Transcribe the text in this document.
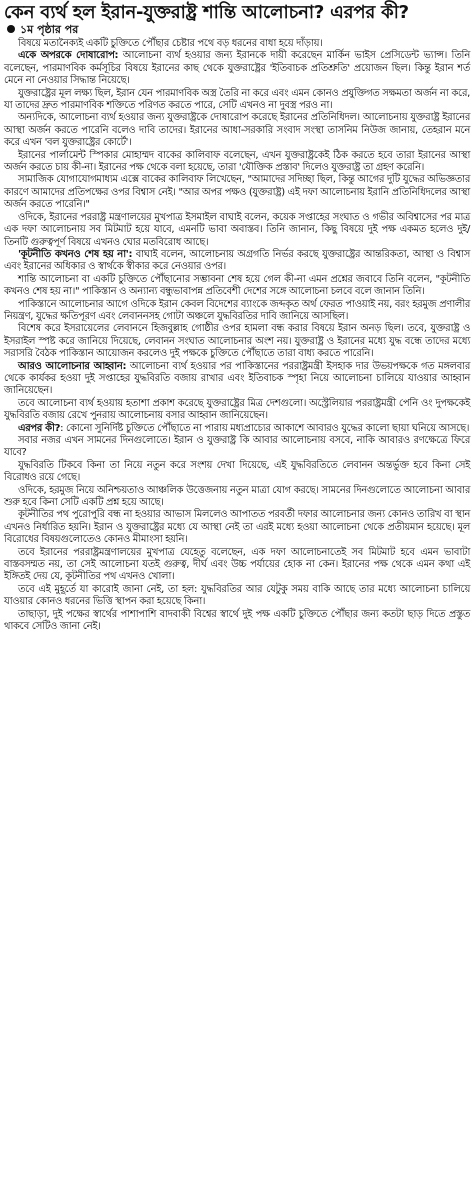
কেন ব্যর্থ হল ইরান-যুক্তরাষ্ট্র শান্তি আলোচনা? এরপর কী?
১ম পৃষ্ঠার পর

বিষয়ে মতানৈক্যই একটি চুক্তিতে পৌঁছার চেষ্টার পথে বড় ধরনের বাধা হয়ে দাঁড়ায়।

একে অপরকে দোষারোপ: আলোচনা ব্যর্থ হওয়ার জন্য ইরানকে দায়ী করেছেন মার্কিন ভাইস প্রেসিডেন্ট ভ্যান্স। তিনি বলেছেন, পারমাণবিক কর্মসূচির বিষয়ে ইরানের কাছ থেকে যুক্তরাষ্ট্রের 'ইতিবাচক প্রতিশ্রুতি' প্রয়োজন ছিল। কিন্তু ইরান শর্ত মেনে না নেওয়ার সিদ্ধান্ত নিয়েছে।

যুক্তরাষ্ট্রের মূল লক্ষ্য ছিল, ইরান যেন পারমাণবিক অস্ত্র তৈরি না করে এবং এমন কোনও প্রযুক্তিগত সক্ষমতা অর্জন না করে, যা তাদের দ্রুত পারমাণবিক শক্তিতে পরিণত করতে পারে, সেটি এখনও না দুবস্ত্র পরও না।

অন্যদিকে, আলোচনা ব্যর্থ হওয়ার জন্য যুক্তরাষ্ট্রকে দোষারোপ করেছে ইরানের প্রতিনিধিদল। আলোচনায় যুক্তরাষ্ট্র ইরানের আস্থা অর্জন করতে পারেনি বলেও দাবি তাদের। ইরানের আধা-সরকারি সংবাদ সংস্থা তাসনিম নিউজ জানায়, তেহরান মনে করে এখন 'বল যুক্তরাষ্ট্রের কোর্টে'।

ইরানের পার্লামেন্ট স্পিকার মোহাম্মদ বাকের কালিবাফ বলেছেন, এখন যুক্তরাষ্ট্রকেই ঠিক করতে হবে তারা ইরানের আস্থা অর্জন করতে চায় কী-না। ইরানের পক্ষ থেকে বলা হয়েছে, তারা 'যৌক্তিক প্রস্তাব' দিলেও যুক্তরাষ্ট্র তা গ্রহণ করেনি।

সামাজিক যোগাযোগমাধ্যম এক্সে বাকের কালিবাফ লিখেছেন, "আমাদের সদিচ্ছা ছিল, কিন্তু আগের দুটি যুদ্ধের অভিজ্ঞতার কারণে আমাদের প্রতিপক্ষের ওপর বিশ্বাস নেই। "আর অপর পক্ষও (যুক্তরাষ্ট্র) এই দফা আলোচনায় ইরানি প্রতিনিধিদলের আস্থা অর্জন করতে পারেনি।"

ওদিকে, ইরানের পররাষ্ট্র মন্ত্রণালয়ের মুখপাত্র ইসমাইল বাঘাই বলেন, কয়েক সপ্তাহের সংঘাত ও গভীর অবিশ্বাসের পর মাত্র এক দফা আলোচনায় সব মিটমাট হয়ে যাবে, এমনটি ভাবা অবাস্তব। তিনি জানান, কিছু বিষয়ে দুই পক্ষ একমত হলেও দুই/তিনটি গুরুত্বপূর্ণ বিষয়ে এখনও ঘোর মতবিরোধ আছে।

'কূটনীতি কখনও শেষ হয় না': বাঘাই বলেন, আলোচনায় অগ্রগতি নির্ভর করছে যুক্তরাষ্ট্রের আন্তরিকতা, আস্থা ও বিশ্বাস এবং ইরানের অধিকার ও স্বার্থকে স্বীকার করে নেওয়ার ওপর।

শান্তি আলোচনা বা একটি চুক্তিতে পৌঁছানোর সম্ভাবনা শেষ হয়ে গেল কী-না এমন প্রশ্নের জবাবে তিনি বলেন, "কূটনীতি কখনও শেষ হয় না।" পাকিস্তান ও অন্যান্য বন্ধুভাবাপন্ন প্রতিবেশী দেশের সঙ্গে আলোচনা চলবে বলে জানান তিনি।

পাকিস্তানে আলোচনার আগে ওদিকে ইরান কেবল বিদেশের ব্যাংকে জব্দকৃত অর্থ ফেরত পাওয়াই নয়, বরং হরমুজ প্রণালীর নিয়ন্ত্রণ, যুদ্ধের ক্ষতিপূরণ এবং লেবাননসহ গোটা অঞ্চলে যুদ্ধবিরতির দাবি জানিয়ে আসছিল।

বিশেষ করে ইসরায়েলের লেবাননে হিজবুল্লাহ গোষ্ঠীর ওপর হামলা বন্ধ করার বিষয়ে ইরান অনড় ছিল। তবে, যুক্তরাষ্ট্র ও ইসরাইল স্পষ্ট করে জানিয়ে দিয়েছে, লেবানন সংঘাত আলোচনার অংশ নয়। যুক্তরাষ্ট্র ও ইরানের মধ্যে যুদ্ধ বন্ধে তাদের মধ্যে সরাসরি বৈঠক পাকিস্তান আয়োজন করলেও দুই পক্ষকে চুক্তিতে পৌঁছাতে তারা বাধ্য করতে পারেনি।

আরও আলোচনার আহ্বান: আলোচনা ব্যর্থ হওয়ার পর পাকিস্তানের পররাষ্ট্রমন্ত্রী ইসহাক দার উভয়পক্ষকে গত মঙ্গলবার থেকে কার্যকর হওয়া দুই সপ্তাহের যুদ্ধবিরতি বজায় রাখার এবং ইতিবাচক স্পৃহা নিয়ে আলোচনা চালিয়ে যাওয়ার আহ্বান জানিয়েছেন।

তবে আলোচনা ব্যর্থ হওয়ায় হতাশা প্রকাশ করেছে যুক্তরাষ্ট্রের মিত্র দেশগুলো। অস্ট্রেলিয়ার পররাষ্ট্রমন্ত্রী পেনি ওং দুপক্ষকেই যুদ্ধবিরতি বজায় রেখে পুনরায় আলোচনায় বসার আহ্বান জানিয়েছেন।

এরপর কী?: কোনো সুনির্দিষ্ট চুক্তিতে পৌঁছাতে না পারায় মধ্যপ্রাচ্যের আকাশে আবারও যুদ্ধের কালো ছায়া ঘনিয়ে আসছে।

সবার নজর এখন সামনের দিনগুলোতে। ইরান ও যুক্তরাষ্ট্র কি আবার আলোচনায় বসবে, নাকি আবারও রণক্ষেত্রে ফিরে যাবে?

যুদ্ধবিরতি টিকবে কিনা তা নিয়ে নতুন করে সংশয় দেখা দিয়েছে, এই যুদ্ধবিরতিতে লেবানন অন্তর্ভুক্ত হবে কিনা সেই বিরোধও রয়ে গেছে।

ওদিকে, হরমুজ নিয়ে অনিশ্চয়তাও আঞ্চলিক উত্তেজনায় নতুন মাত্রা যোগ করছে। সামনের দিনগুলোতে আলোচনা আবার শুরু হবে কিনা সেটি একটি প্রশ্ন হয়ে আছে।

কূটনীতির পথ পুরোপুরি বন্ধ না হওয়ার আভাস মিললেও আপাতত পরবর্তী দফার আলোচনার জন্য কোনও তারিখ বা স্থান এখনও নির্ধারিত হয়নি। ইরান ও যুক্তরাষ্ট্রের মধ্যে যে আস্থা নেই তা এরই মধ্যে হওয়া আলোচনা থেকে প্রতীয়মান হয়েছে। মূল বিরোধের বিষয়গুলোতেও কোনও মীমাংসা হয়নি।

তবে ইরানের পররাষ্ট্রমন্ত্রণালয়ের মুখপাত্র যেহেতু বলেছেন, এক দফা আলোচনাতেই সব মিটমাট হবে এমন ভাবাটা বাস্তবসম্মত নয়, তা সেই আলোচনা যতই গুরুত্ব, দীর্ঘ এবং উচ্চ পর্যায়ের হোক না কেন। ইরানের পক্ষ থেকে এমন কথা এই ইঙ্গিতই দেয় যে, কূটনীতির পথ এখনও খোলা।

তবে এই মুহূর্তে যা কারোই জানা নেই, তা হল: যুদ্ধবিরতির আর যেটুকু সময় বাকি আছে তার মধ্যে আলোচনা চালিয়ে যাওয়ার কোনও ধরনের ভিত্তি স্থাপন করা হয়েছে কিনা।

তাছাড়া, দুই পক্ষের স্বার্থের পাশাপাশি বাদবাকী বিশ্বের স্বার্থে দুই পক্ষ একটি চুক্তিতে পৌঁছার জন্য কতটা ছাড় দিতে প্রস্তুত থাকবে সেটিও জানা নেই।
